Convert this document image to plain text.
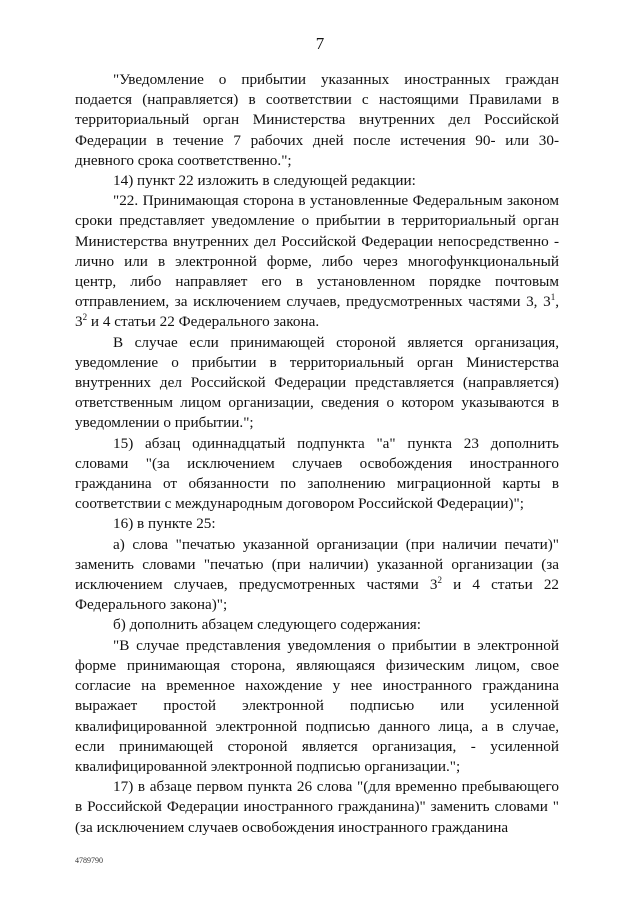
7

"Уведомление о прибытии указанных иностранных граждан подается (направляется) в соответствии с настоящими Правилами в территориальный орган Министерства внутренних дел Российской Федерации в течение 7 рабочих дней после истечения 90- или 30-дневного срока соответственно.";

14) пункт 22 изложить в следующей редакции:

"22. Принимающая сторона в установленные Федеральным законом сроки представляет уведомление о прибытии в территориальный орган Министерства внутренних дел Российской Федерации непосредственно - лично или в электронной форме, либо через многофункциональный центр, либо направляет его в установленном порядке почтовым отправлением, за исключением случаев, предусмотренных частями 3, 3$^1$, 3$^2$ и 4 статьи 22 Федерального закона.

В случае если принимающей стороной является организация, уведомление о прибытии в территориальный орган Министерства внутренних дел Российской Федерации представляется (направляется) ответственным лицом организации, сведения о котором указываются в уведомлении о прибытии.";

15) абзац одиннадцатый подпункта "а" пункта 23 дополнить словами "(за исключением случаев освобождения иностранного гражданина от обязанности по заполнению миграционной карты в соответствии с международным договором Российской Федерации)";

16) в пункте 25:

а) слова "печатью указанной организации (при наличии печати)" заменить словами "печатью (при наличии) указанной организации (за исключением случаев, предусмотренных частями 3$^2$ и 4 статьи 22 Федерального закона)";

б) дополнить абзацем следующего содержания:

"В случае представления уведомления о прибытии в электронной форме принимающая сторона, являющаяся физическим лицом, свое согласие на временное нахождение у нее иностранного гражданина выражает простой электронной подписью или усиленной квалифицированной электронной подписью данного лица, а в случае, если принимающей стороной является организация, - усиленной квалифицированной электронной подписью организации.";

17) в абзаце первом пункта 26 слова "(для временно пребывающего в Российской Федерации иностранного гражданина)" заменить словами "(за исключением случаев освобождения иностранного гражданина

4789790
